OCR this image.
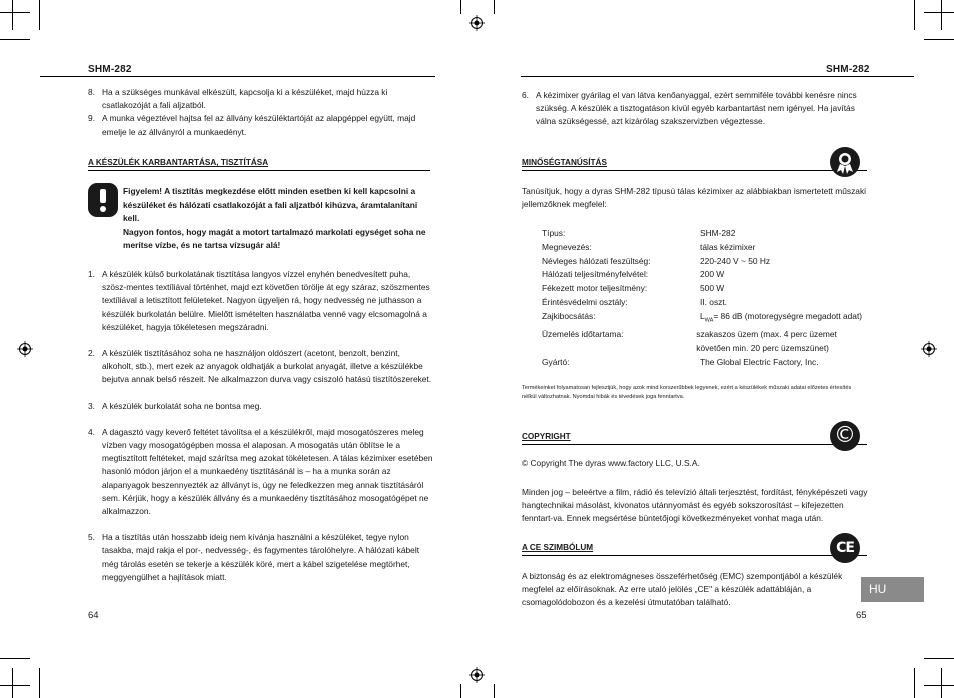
SHM-282
8. Ha a szükséges munkával elkészült, kapcsolja ki a készüléket, majd húzza ki csatlakozóját a fali aljzatból.
9. A munka végeztével hajtsa fel az állvány készüléktartóját az alapgéppel együtt, majd emelje le az állványról a munkaedényt.
A KÉSZÜLÉK KARBANTARTÁSA, TISZTÍTÁSA
Figyelem! A tisztítás megkezdése előtt minden esetben ki kell kapcsolni a készüléket és hálózati csatlakozóját a fali aljzatból kihúzva, áramtalanítani kell.
Nagyon fontos, hogy magát a motort tartalmazó markolati egységet soha ne merítse vízbe, és ne tartsa vízsugár alá!
1. A készülék külső burkolatának tisztítása langyos vízzel enyhén benedvesített puha, szösz-mentes textíliával történhet, majd ezt követően törölje át egy száraz, szöszmentes textíliával a letisztított felületeket. Nagyon ügyeljen rá, hogy nedvesség ne juthasson a készülék burkolatán belülre. Mielőtt ismételten használatba venné vagy elcsomagolná a készüléket, hagyja tökéletesen megszáradni.
2. A készülék tisztításához soha ne használjon oldószert (acetont, benzolt, benzint, alkoholt, stb.), mert ezek az anyagok oldhatják a burkolat anyagát, illetve a készülékbe bejutva annak belső részeit. Ne alkalmazzon durva vagy csiszoló hatású tisztítószereket.
3. A készülék burkolatát soha ne bontsa meg.
4. A dagasztó vagy keverő feltétet távolítsa el a készülékről, majd mosogatószeres meleg vízben vagy mosogatógépben mossa el alaposan. A mosogatás után öblítse le a megtisztított feltéteket, majd szárítsa meg azokat tökéletesen. A tálas kézimixer esetében hasonló módon járjon el a munkaedény tisztításánál is – ha a munka során az alapanyagok beszennyezték az állványt is, úgy ne feledkezzen meg annak tisztításáról sem. Kérjük, hogy a készülék állvány és a munkaedény tisztításához mosogatógépet ne alkalmazzon.
5. Ha a tisztítás után hosszabb ideig nem kívánja használni a készüléket, tegye nylon tasakba, majd rakja el por-, nedvesség-, és fagymentes tárolóhelyre. A hálózati kábelt még tárolás esetén se tekerje a készülék köré, mert a kábel szigetelése megtörhet, meggyengülhet a hajlítások miatt.
64
SHM-282
6. A kézimixer gyárilag el van látva kenőanyaggal, ezért semmiféle további kenésre nincs szükség. A készülék a tisztogatáson kívül egyéb karbantartást nem igényel. Ha javítás válna szükségessé, azt kizárólag szakszervizben végeztesse.
MINŐSÉGTANÚSÍTÁS
Tanúsítjuk, hogy a dyras SHM-282 típusú tálas kézimixer az alábbiakban ismertetett műszaki jellemzőknek megfelel:
Típus:	SHM-282
Megnevezés:	tálas kézimixer
Névleges hálózati feszültség:	220-240 V ~ 50 Hz
Hálózati teljesítményfelvétel:	200 W
Fékezett motor teljesítmény:	500 W
Érintésvédelmi osztály:	II. oszt.
Zajkibocsátás:	$L_{WA}= 86$ dB (motoregységre megadott adat)
Üzemelés időtartama:	szakaszos üzem (max. 4 perc üzemet követően min. 20 perc üzemszünet)
Gyártó:	The Global Electric Factory, Inc.
Termékeinket folyamatosan fejlesztjük, hogy azok mind korszerűbbek legyenek, ezért a készülékek műszaki adatai előzetes értesítés nélkül változhatnak. Nyomdai hibák és tévedések joga fenntartva.
COPYRIGHT	©
© Copyright The dyras www.factory LLC, U.S.A.
Minden jog – beleértve a film, rádió és televízió általi terjesztést, fordítást, fényképészeti vagy hangtechnikai másolást, kivonatos utánnyomást és egyéb sokszorosítást – kifejezetten fenntart-va. Ennek megsértése büntetőjogi következményeket vonhat maga után.
A CE SZIMBÓLUM	CE
A biztonság és az elektromágneses összeférhetőség (EMC) szempontjából a készülék megfelel az előírásoknak. Az erre utaló jelölés „CE" a készülék adattábláján, a csomagolódobozon és a kezelési útmutatóban található.
HU
65
